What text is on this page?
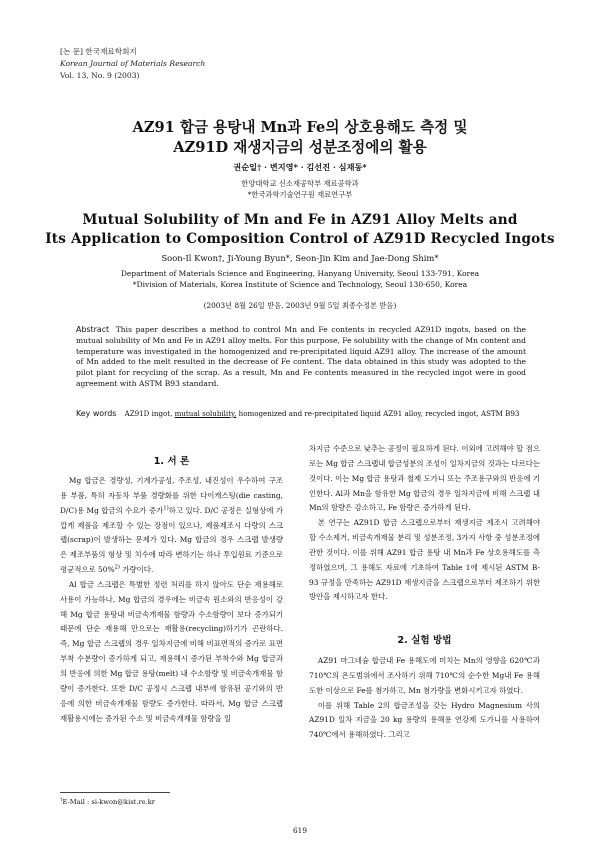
[논 문] 한국재료학회지
Korean Journal of Materials Research
Vol. 13, No. 9 (2003)
AZ91 합금 용탕내 Mn과 Fe의 상호용해도 측정 및
AZ91D 재생지금의 성분조정에의 활용
권순일† · 변지영* · 김선진 · 심재동*
한양대학교 신소재공학부 재료공학과
*한국과학기술연구원 재료연구부
Mutual Solubility of Mn and Fe in AZ91 Alloy Melts and
Its Application to Composition Control of AZ91D Recycled Ingots
Soon-Il Kwon†, Ji-Young Byun*, Seon-Jin Kim and Jae-Dong Shim*
Department of Materials Science and Engineering, Hanyang University, Seoul 133-791, Korea
*Division of Materials, Korea Institute of Science and Technology, Seoul 130-650, Korea
(2003년 8월 26일 받음, 2003년 9월 5일 최종수정본 받음)
Abstract This paper describes a method to control Mn and Fe contents in recycled AZ91D ingots, based on the mutual solubility of Mn and Fe in AZ91 alloy melts. For this purpose, Fe solubility with the change of Mn content and temperature was investigated in the homogenized and re-precipitated liquid AZ91 alloy. The increase of the amount of Mn added to the melt resulted in the decrease of Fe content. The data obtained in this study was adopted to the pilot plant for recycling of the scrap. As a result, Mn and Fe contents measured in the recycled ingot were in good agreement with ASTM B93 standard.
Key words AZ91D ingot, mutual solubility, homogenized and re-precipitated liquid AZ91 alloy, recycled ingot, ASTM B93
1. 서 론

Mg 합금은 경량성, 기계가공성, 주조성, 내진성이 우수하여 구조용 부품, 특히 자동차 부품 경량화를 위한 다이캐스팅(die casting, D/C)용 Mg 합금의 수요가 증가$^{1)}$하고 있다. D/C 공정은 실형상에 가깝게 제품을 제조할 수 있는 장점이 있으나, 제품제조시 다량의 스크랩(scrap)이 발생하는 문제가 있다. Mg 합금의 경우 스크랩 발생량은 제조부품의 형상 및 치수에 따라 변하기는 하나 투입원료 기준으로 평균적으로 50%$^{2)}$ 가량이다.

Al 합금 스크랩은 특별한 정련 처리를 하지 않아도 단순 재용해로 사용이 가능하나, Mg 합금의 경우에는 비금속 원소와의 반응성이 강해 Mg 합금 용탕내 비금속개재물 함량과 수소함량이 보다 증가되기 때문에 단순 재용해 만으로는 재활용(recycling)하기가 곤란하다. 즉, Mg 합금 스크랩의 경우 일차지금에 비해 비표면적의 증가로 표면부착 수분량이 증가하게 되고, 재용해시 증가된 부착수와 Mg 합금과의 반응에 의한 Mg 합금 용탕(melt) 내 수소함량 및 비금속개재물 함량이 증가한다. 또한 D/C 공정시 스크랩 내부에 함유된 공기와의 반응에 의한 비금속개재물 함량도 증가한다. 따라서, Mg 합금 스크랩 재활용시에는 증가된 수소 및 비금속개재물 함량을 일

차지금 수준으로 낮추는 공정이 필요하게 된다. 이외에 고려해야 할 점으로는 Mg 합금 스크랩내 합금성분의 조성이 일차지금의 것과는 다르다는 것이다. 이는 Mg 합금 용탕과 철제 도가니 또는 주조용구와의 반응에 기인한다. Al과 Mn을 함유한 Mg 합금의 경우 일차지금에 비해 스크랩 내 Mn의 함량은 감소하고, Fe 함량은 증가하게 된다.

본 연구는 AZ91D 합금 스크랩으로부터 재생지금 제조시 고려해야 할 수소제거, 비금속개재물 분리 및 성분조정, 3가지 사항 중 성분조정에 관한 것이다. 이를 위해 AZ91 합금 용탕 내 Mn과 Fe 상호용해도를 측정하였으며, 그 용해도 자료에 기초하여 Table 1에 제시된 ASTM B-93 규정을 만족하는 AZ91D 재생지금을 스크랩으로부터 제조하기 위한 방안을 제시하고자 한다.

2. 실험 방법

AZ91 마그네슘 합금내 Fe 용해도에 미치는 Mn의 영향을 620℃과 710℃의 온도범위에서 조사하기 위해 710℃의 순수한 Mg내 Fe 용해도한 이상으로 Fe를 첨가하고, Mn 첨가량을 변화시키고자 하였다.

이를 위해 Table 2의 합금조성을 갖는 Hydro Magnesium 사의 AZ91D 일차 지금을 20 kg 용량의 용해용 연강제 도가니를 사용하여 740℃에서 용해하였다. 그리고

†E-Mail : si-kwon@kist.re.kr
619
